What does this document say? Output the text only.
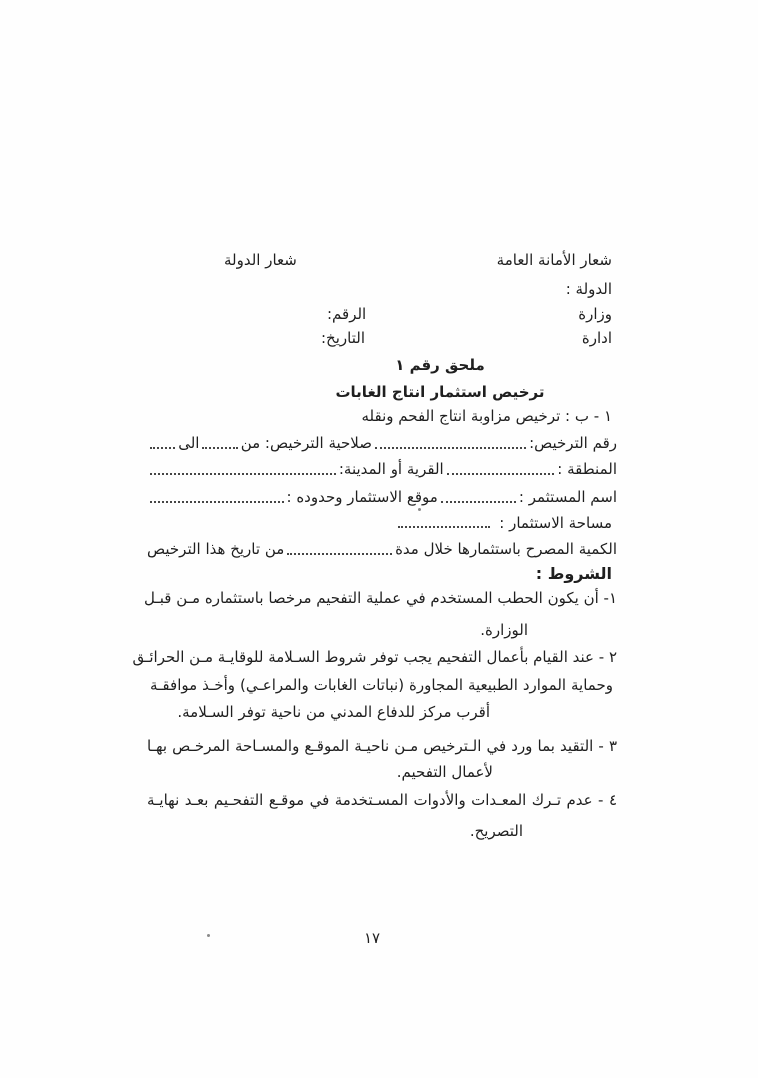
شعار الأمانة العامة
الدولة :
وزارة
ادارة
شعار الدولة
الرقم:
التاريخ:
ملحق رقم ١
ترخيص استثمار انتاج الغابات
١ - ب : ترخيص مزاوبة انتاج الفحم ونقله
رقم الترخيص:
صلاحية الترخيص: من
الى
المنطقة :
القرية أو المدينة:
اسم المستثمر :
موقع الاستثمار وحدوده :
مساحة الاستثمار :
الكمية المصرح باستثمارها خلال مدة
من تاريخ هذا الترخيص
الشروط :
١- أن يكون الحطب المستخدم في عملية التفحيم مرخصا باستثماره مـن قبـل
الوزارة.
٢ - عند القيام بأعمال التفحيم يجب توفر شروط السـلامة للوقايـة مـن الحرائـق
وحماية الموارد الطبيعية المجاورة (نباتات الغابات والمراعـي) وأخـذ موافقـة
أقرب مركز للدفاع المدني من ناحية توفر السـلامة.
٣ - التقيد بما ورد في الـترخيص مـن ناحيـة الموقـع والمسـاحة المرخـص بهـا
لأعمال التفحيم.
٤ - عدم تـرك المعـدات والأدوات المسـتخدمة في موقـع التفحـيم بعـد نهايـة
التصريح.
١٧
